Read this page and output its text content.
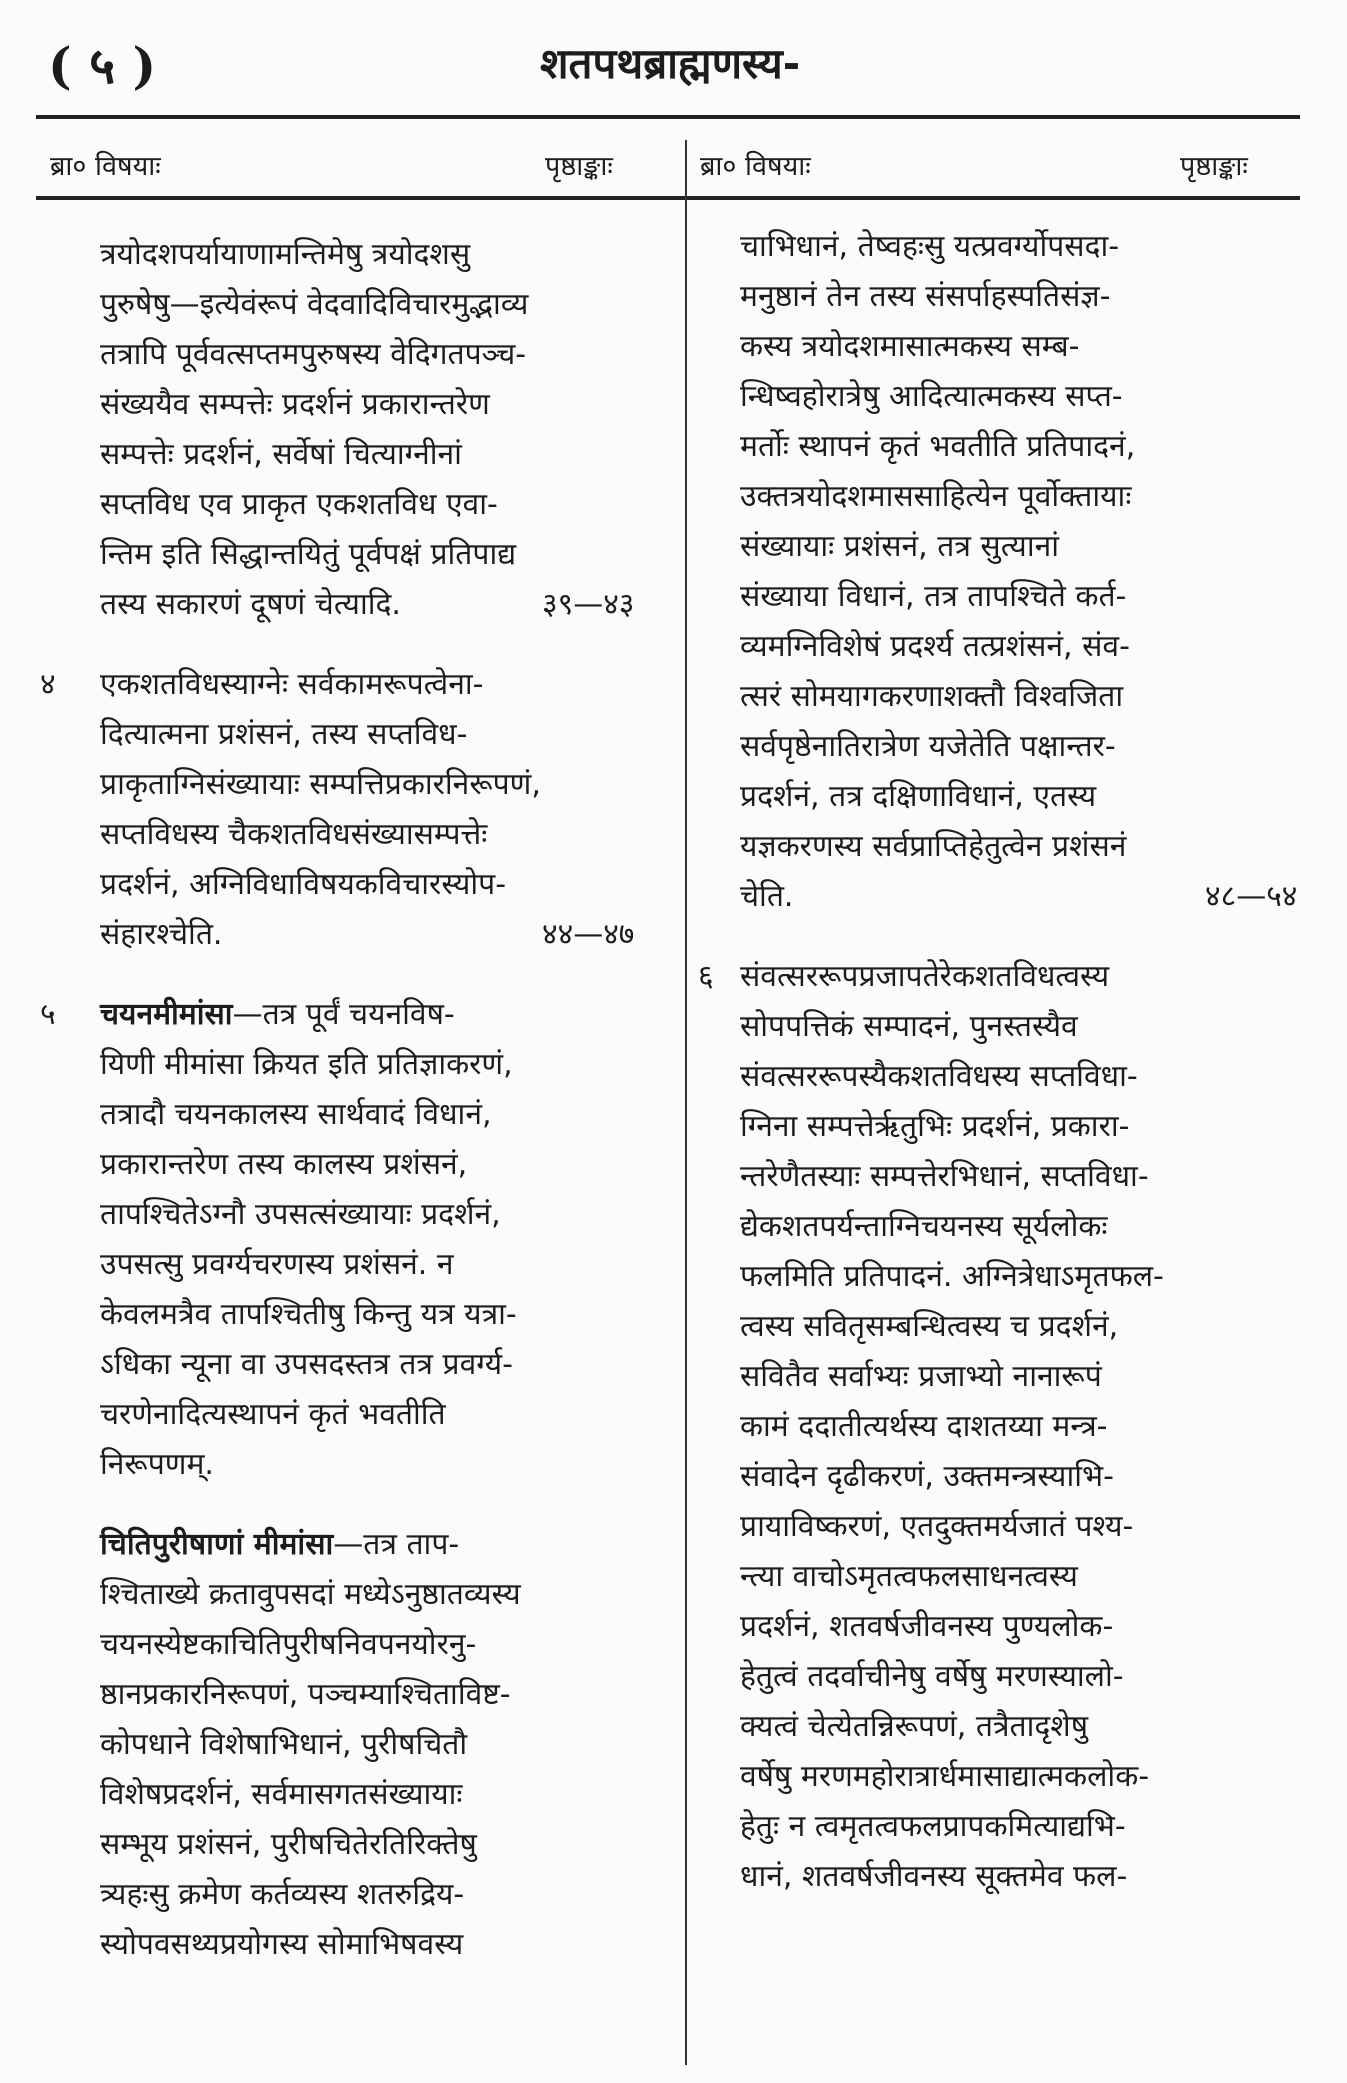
( ५ )	शतपथब्राह्मणस्य-
ब्रा० विषयाः	पृष्ठाङ्काः	ब्रा० विषयाः	पृष्ठाङ्काः
त्रयोदशपर्यायाणामन्तिमेषु त्रयोदशसु
पुरुषेषु—इत्येवंरूपं वेदवादिविचारमुद्भाव्य
तत्रापि पूर्ववत्सप्तमपुरुषस्य वेदिगतपञ्च-
संख्ययैव सम्पत्तेः प्रदर्शनं प्रकारान्तरेण
सम्पत्तेः प्रदर्शनं, सर्वेषां चित्याग्नीनां
सप्तविध एव प्राकृत एकशतविध एवा-
न्तिम इति सिद्धान्तयितुं पूर्वपक्षं प्रतिपाद्य
तस्य सकारणं दूषणं चेत्यादि.	३९—४३
४ एकशतविधस्याग्नेः सर्वकामरूपत्वेना-
दित्यात्मना प्रशंसनं, तस्य सप्तविध-
प्राकृताग्निसंख्यायाः सम्पत्तिप्रकारनिरूपणं,
सप्तविधस्य चैकशतविधसंख्यासम्पत्तेः
प्रदर्शनं, अग्निविधाविषयकविचारस्योप-
संहारश्चेति.	४४—४७
५ चयनमीमांसा—तत्र पूर्वं चयनविष-
यिणी मीमांसा क्रियत इति प्रतिज्ञाकरणं,
तत्रादौ चयनकालस्य सार्थवादं विधानं,
प्रकारान्तरेण तस्य कालस्य प्रशंसनं,
तापश्चितेऽग्नौ उपसत्संख्यायाः प्रदर्शनं,
उपसत्सु प्रवर्ग्यचरणस्य प्रशंसनं. न
केवलमत्रैव तापश्चितीषु किन्तु यत्र यत्रा-
ऽधिका न्यूना वा उपसदस्तत्र तत्र प्रवर्ग्य-
चरणेनादित्यस्थापनं कृतं भवतीति
निरूपणम्.
चितिपुरीषाणां मीमांसा—तत्र ताप-
श्चिताख्ये क्रतावुपसदां मध्येऽनुष्ठातव्यस्य
चयनस्येष्टकाचितिपुरीषनिवपनयोरनु-
ष्ठानप्रकारनिरूपणं, पञ्चम्याश्चिताविष्ट-
कोपधाने विशेषाभिधानं, पुरीषचितौ
विशेषप्रदर्शनं, सर्वमासगतसंख्यायाः
सम्भूय प्रशंसनं, पुरीषचितेरतिरिक्तेषु
त्र्यहःसु क्रमेण कर्तव्यस्य शतरुद्रिय-
स्योपवसथ्यप्रयोगस्य सोमाभिषवस्य
चाभिधानं, तेष्वहःसु यत्प्रवर्ग्योपसदा-
मनुष्ठानं तेन तस्य संसर्पाहस्पतिसंज्ञ-
कस्य त्रयोदशमासात्मकस्य सम्ब-
न्धिष्वहोरात्रेषु आदित्यात्मकस्य सप्त-
मर्तोः स्थापनं कृतं भवतीति प्रतिपादनं,
उक्तत्रयोदशमाससाहित्येन पूर्वोक्तायाः
संख्यायाः प्रशंसनं, तत्र सुत्यानां
संख्याया विधानं, तत्र तापश्चिते कर्त-
व्यमग्निविशेषं प्रदर्श्य तत्प्रशंसनं, संव-
त्सरं सोमयागकरणाशक्तौ विश्वजिता
सर्वपृष्ठेनातिरात्रेण यजेतेति पक्षान्तर-
प्रदर्शनं, तत्र दक्षिणाविधानं, एतस्य
यज्ञकरणस्य सर्वप्राप्तिहेतुत्वेन प्रशंसनं
चेति.	४८—५४
६ संवत्सररूपप्रजापतेरेकशतविधत्वस्य
सोपपत्तिकं सम्पादनं, पुनस्तस्यैव
संवत्सररूपस्यैकशतविधस्य सप्तविधा-
ग्निना सम्पत्तेर्ऋतुभिः प्रदर्शनं, प्रकारा-
न्तरेणैतस्याः सम्पत्तेरभिधानं, सप्तविधा-
द्येकशतपर्यन्ताग्निचयनस्य सूर्यलोकः
फलमिति प्रतिपादनं. अग्नित्रेधाऽमृतफल-
त्वस्य सवितृसम्बन्धित्वस्य च प्रदर्शनं,
सवितैव सर्वाभ्यः प्रजाभ्यो नानारूपं
कामं ददातीत्यर्थस्य दाशतय्या मन्त्र-
संवादेन दृढीकरणं, उक्तमन्त्रस्याभि-
प्रायाविष्करणं, एतदुक्तमर्यजातं पश्य-
न्त्या वाचोऽमृतत्वफलसाधनत्वस्य
प्रदर्शनं, शतवर्षजीवनस्य पुण्यलोक-
हेतुत्वं तदर्वाचीनेषु वर्षेषु मरणस्यालो-
क्यत्वं चेत्येतन्निरूपणं, तत्रैतादृशेषु
वर्षेषु मरणमहोरात्रार्धमासाद्यात्मकलोक-
हेतुः न त्वमृतत्वफलप्रापकमित्याद्यभि-
धानं, शतवर्षजीवनस्य सूक्तमेव फल-
